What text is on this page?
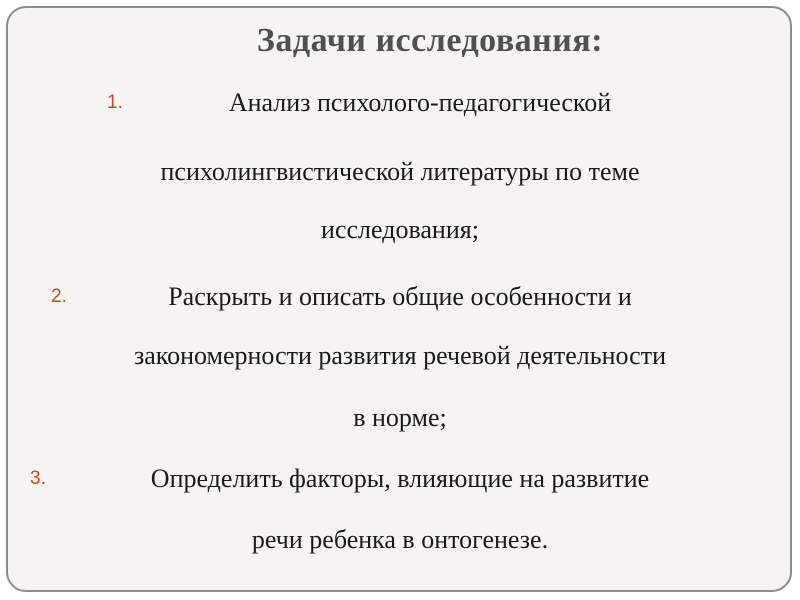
Задачи исследования:
1.	Анализ психолого-педагогической
психолингвистической литературы по теме
исследования;
2.	Раскрыть и описать общие особенности и
закономерности развития речевой деятельности
в норме;
3.	Определить факторы, влияющие на развитие
речи ребенка в онтогенезе.
